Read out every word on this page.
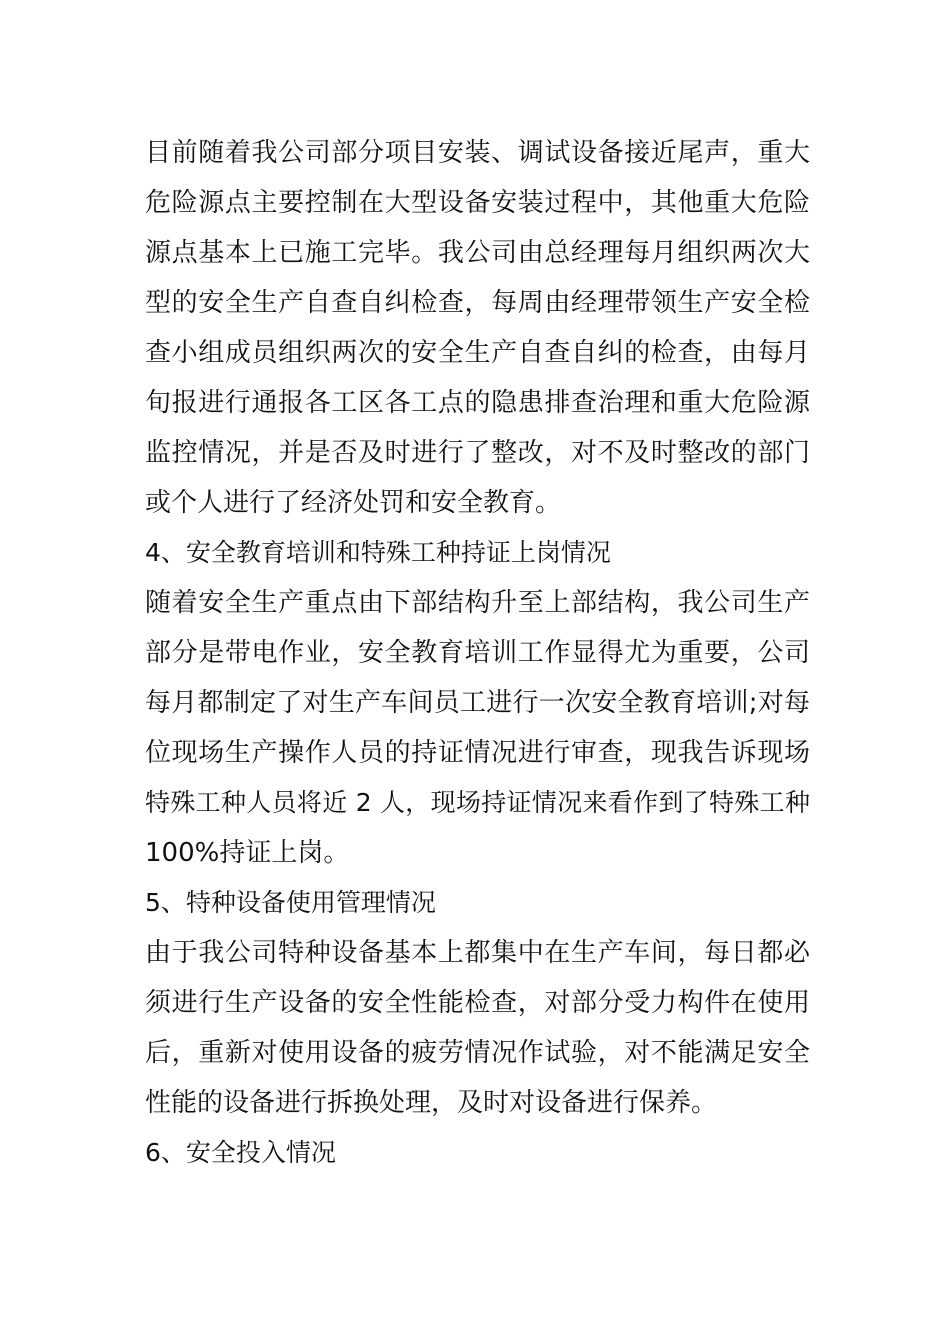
目前随着我公司部分项目安装、调试设备接近尾声，重大
危险源点主要控制在大型设备安装过程中，其他重大危险
源点基本上已施工完毕。我公司由总经理每月组织两次大
型的安全生产自查自纠检查，每周由经理带领生产安全检
查小组成员组织两次的安全生产自查自纠的检查，由每月
旬报进行通报各工区各工点的隐患排查治理和重大危险源
监控情况，并是否及时进行了整改，对不及时整改的部门
或个人进行了经济处罚和安全教育。
4、安全教育培训和特殊工种持证上岗情况
随着安全生产重点由下部结构升至上部结构，我公司生产
部分是带电作业，安全教育培训工作显得尤为重要，公司
每月都制定了对生产车间员工进行一次安全教育培训;对每
位现场生产操作人员的持证情况进行审查，现我告诉现场
特殊工种人员将近 2 人，现场持证情况来看作到了特殊工种
100%持证上岗。
5、特种设备使用管理情况
由于我公司特种设备基本上都集中在生产车间，每日都必
须进行生产设备的安全性能检查，对部分受力构件在使用
后，重新对使用设备的疲劳情况作试验，对不能满足安全
性能的设备进行拆换处理，及时对设备进行保养。
6、安全投入情况
